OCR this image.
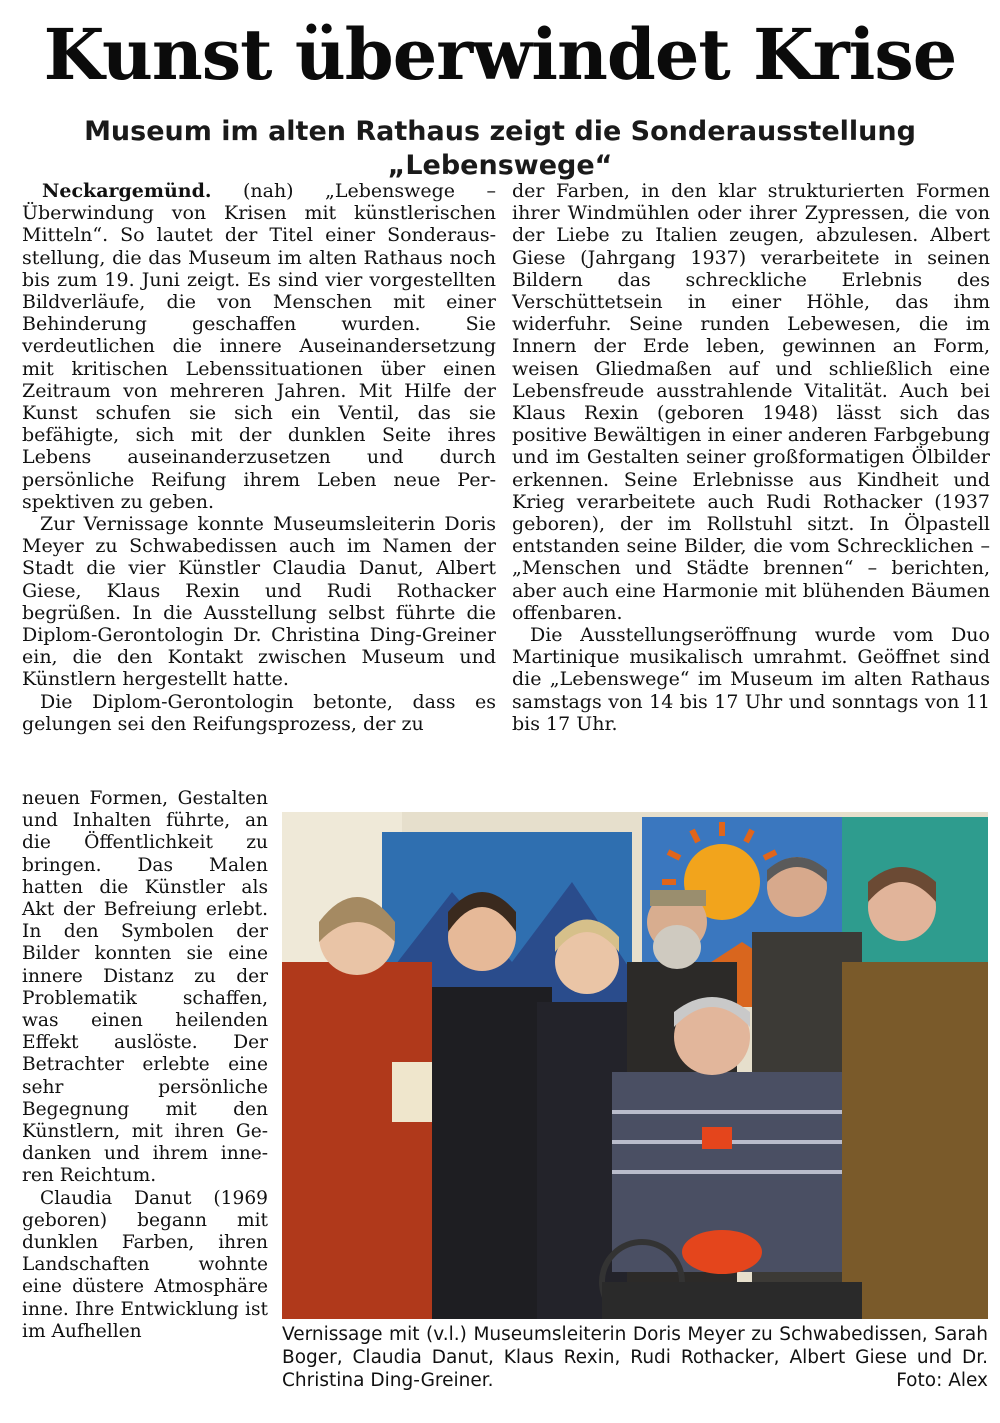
Kunst überwindet Krise
Museum im alten Rathaus zeigt die Sonderausstellung „Lebenswege“

Neckargemünd. (nah) „Lebenswege – Überwindung von Krisen mit künstlerischen Mitteln“. So lautet der Titel einer Sonderausstellung, die das Museum im alten Rathaus noch bis zum 19. Juni zeigt. Es sind vier vorgestellten Bildverläufe, die von Menschen mit einer Behinderung geschaffen wurden. Sie verdeutlichen die innere Auseinandersetzung mit kritischen Lebenssituationen über einen Zeitraum von mehreren Jahren. Mit Hilfe der Kunst schufen sie sich ein Ventil, das sie befähigte, sich mit der dunklen Seite ihres Lebens auseinanderzusetzen und durch persönliche Reifung ihrem Leben neue Perspektiven zu geben.

Zur Vernissage konnte Museumsleiterin Doris Meyer zu Schwabedissen auch im Namen der Stadt die vier Künstler Claudia Danut, Albert Giese, Klaus Rexin und Rudi Rothacker begrüßen. In die Ausstellung selbst führte die Diplom-Gerontologin Dr. Christina Ding-Greiner ein, die den Kontakt zwischen Museum und Künstlern hergestellt hatte.

Die Diplom-Gerontologin betonte, dass es gelungen sei den Reifungsprozess, der zu

neuen Formen, Gestalten und Inhalten führte, an die Öffentlichkeit zu bringen. Das Malen hatten die Künstler als Akt der Befreiung erlebt. In den Symbolen der Bilder konnten sie eine innere Distanz zu der Problematik schaffen, was einen heilenden Effekt auslöste. Der Betrachter erlebte eine sehr persönliche Begegnung mit den Künstlern, mit ihren Gedanken und ihrem inneren Reichtum.

Claudia Danut (1969 geboren) begann mit dunklen Farben, ihren Landschaften wohnte eine düstere Atmosphäre inne. Ihre Entwicklung ist im Aufhellen

der Farben, in den klar strukturierten Formen ihrer Windmühlen oder ihrer Zypressen, die von der Liebe zu Italien zeugen, abzulesen. Albert Giese (Jahrgang 1937) verarbeitete in seinen Bildern das schreckliche Erlebnis des Verschüttetsein in einer Höhle, das ihm widerfuhr. Seine runden Lebewesen, die im Innern der Erde leben, gewinnen an Form, weisen Gliedmaßen auf und schließlich eine Lebensfreude ausstrahlende Vitalität. Auch bei Klaus Rexin (geboren 1948) lässt sich das positive Bewältigen in einer anderen Farbgebung und im Gestalten seiner großformatigen Ölbilder erkennen. Seine Erlebnisse aus Kindheit und Krieg verarbeitete auch Rudi Rothacker (1937 geboren), der im Rollstuhl sitzt. In Ölpastell entstanden seine Bilder, die vom Schrecklichen – „Menschen und Städte brennen“ – berichten, aber auch eine Harmonie mit blühenden Bäumen offenbaren.

Die Ausstellungseröffnung wurde vom Duo Martinique musikalisch umrahmt. Geöffnet sind die „Lebenswege“ im Museum im alten Rathaus samstags von 14 bis 17 Uhr und sonntags von 11 bis 17 Uhr.

Vernissage mit (v.l.) Museumsleiterin Doris Meyer zu Schwabedissen, Sarah Boger, Claudia Danut, Klaus Rexin, Rudi Rothacker, Albert Giese und Dr. Christina Ding-Greiner.	Foto: Alex
